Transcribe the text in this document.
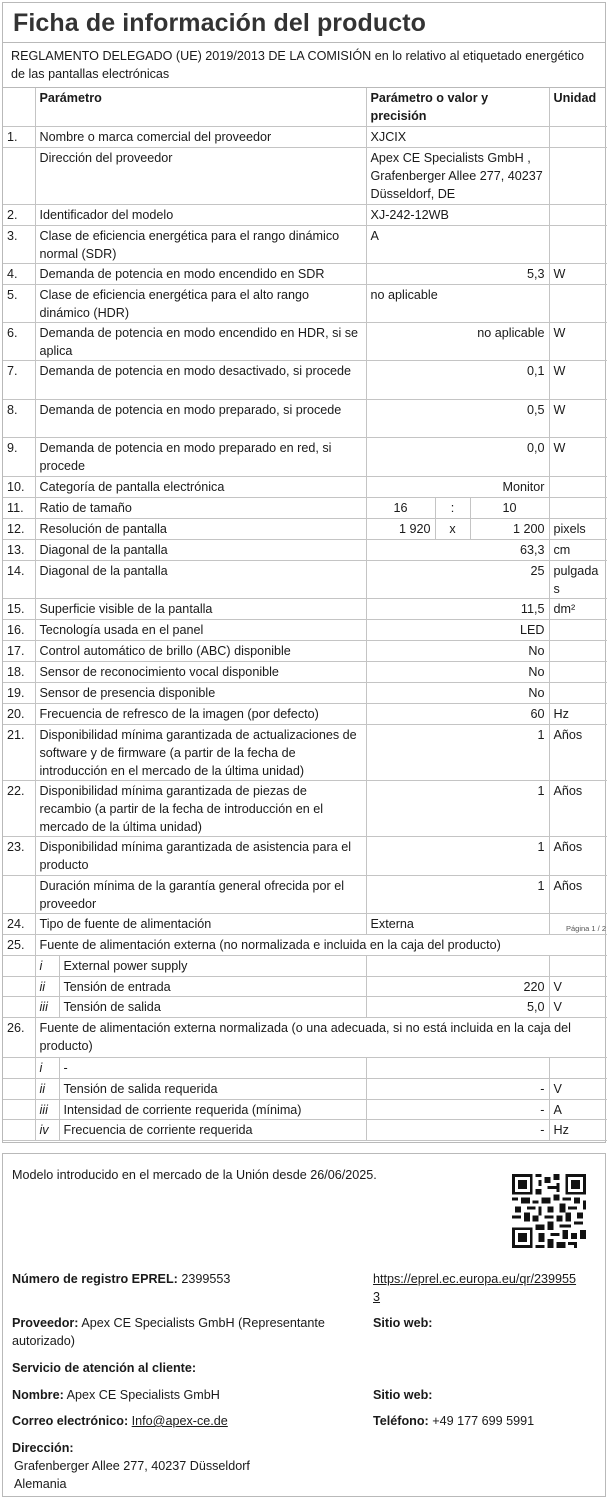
Ficha de información del producto
REGLAMENTO DELEGADO (UE) 2019/2013 DE LA COMISIÓN en lo relativo al etiquetado energético de las pantallas electrónicas
	Parámetro		Parámetro o valor y precisión			Unidad
1.	Nombre o marca comercial del proveedor		XJCIX			
	Dirección del proveedor		Apex CE Specialists GmbH , Grafenberger Allee 277, 40237 Düsseldorf, DE			
2.	Identificador del modelo		XJ-242-12WB			
3.	Clase de eficiencia energética para el rango dinámico normal (SDR)		A			
4.	Demanda de potencia en modo encendido en SDR		5,3			W
5.	Clase de eficiencia energética para el alto rango dinámico (HDR)		no aplicable			
6.	Demanda de potencia en modo encendido en HDR, si se aplica		no aplicable			W
7.	Demanda de potencia en modo desactivado, si procede		0,1			W
8.	Demanda de potencia en modo preparado, si procede		0,5			W
9.	Demanda de potencia en modo preparado en red, si procede		0,0			W
10.	Categoría de pantalla electrónica		Monitor			
11.	Ratio de tamaño		16	:	10	
12.	Resolución de pantalla		1 920	x	1 200	pixels
13.	Diagonal de la pantalla		63,3			cm
14.	Diagonal de la pantalla		25			pulgadas
15.	Superficie visible de la pantalla		11,5			dm²
16.	Tecnología usada en el panel		LED			
17.	Control automático de brillo (ABC) disponible		No			
18.	Sensor de reconocimiento vocal disponible		No			
19.	Sensor de presencia disponible		No			
20.	Frecuencia de refresco de la imagen (por defecto)		60			Hz
21.	Disponibilidad mínima garantizada de actualizaciones de software y de firmware (a partir de la fecha de introducción en el mercado de la última unidad)		1			Años
22.	Disponibilidad mínima garantizada de piezas de recambio (a partir de la fecha de introducción en el mercado de la última unidad)		1			Años
23.	Disponibilidad mínima garantizada de asistencia para el producto		1			Años
	Duración mínima de la garantía general ofrecida por el proveedor		1			Años
24.	Tipo de fuente de alimentación		Externa			
25.	Fuente de alimentación externa (no normalizada e incluida en la caja del producto)					
	i	External power supply				
	ii	Tensión de entrada	220			V
	iii	Tensión de salida	5,0			V
26.	Fuente de alimentación externa normalizada (o una adecuada, si no está incluida en la caja del producto)					
	i	-				
	ii	Tensión de salida requerida	-			V
	iii	Intensidad de corriente requerida (mínima)	-			A
	iv	Frecuencia de corriente requerida	-			Hz
Página 1 / 2
Modelo introducido en el mercado de la Unión desde 26/06/2025.
Número de registro EPREL: 2399553	https://eprel.ec.europa.eu/qr/2399553
Proveedor: Apex CE Specialists GmbH (Representante autorizado)
Sitio web:
Servicio de atención al cliente:
Nombre: Apex CE Specialists GmbH	Sitio web:
Correo electrónico: Info@apex-ce.de	Teléfono: +49 177 699 5991
Dirección:
Grafenberger Allee 277, 40237 Düsseldorf
Alemania
